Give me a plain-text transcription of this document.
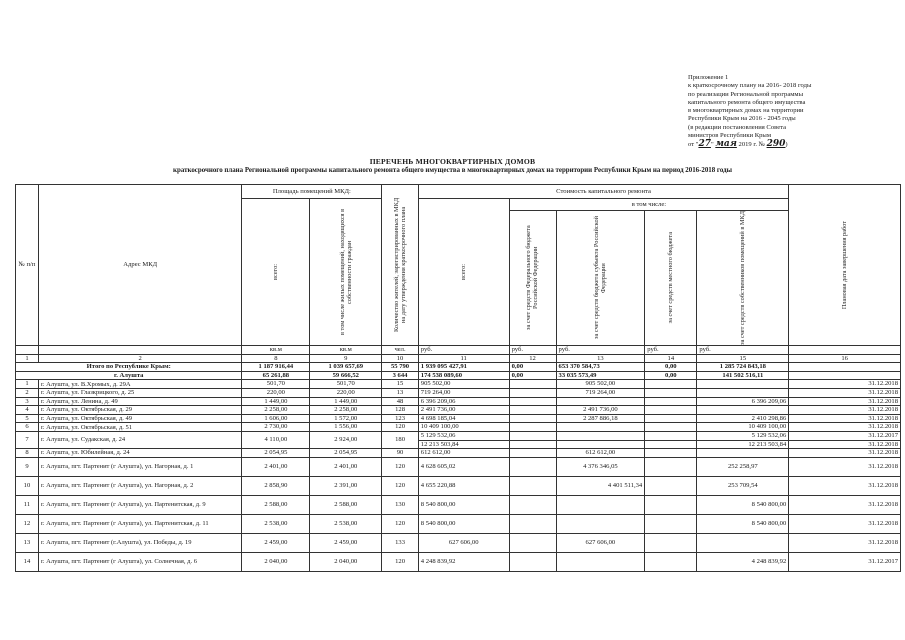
Приложение 1
к краткосрочному плану на 2016- 2018 годы
по реализации Региональной программы
капитального ремонта общего имущества
в многоквартирных домах на территории
Республики Крым на 2016 - 2045 годы
(в редакции постановления Совета
министров Республики Крым
от "27" мая 2019 г. № 290)
ПЕРЕЧЕНЬ МНОГОКВАРТИРНЫХ ДОМОВ
краткосрочного плана Региональной программы капитального ремонта общего имущества в многоквартирных домах на территории Республики Крым на период 2016-2018 годы
№ п/п	Адрес МКД	Площадь помещений МКД:		Количество жителей, зарегистрированных в МКД на дату утверждения краткосрочного плана	Стоимость капитального ремонта					Плановая дата завершения работ

		всего:	в том числе жилых помещений, находящихся в собственности граждан		всего:	в том числе:				

						за счет средств Федерального бюджета Российской Федерации	за счет средств бюджета субъекта Российской Федерации	за счет средств местного бюджета	за счет средств собственников помещений в МКД	

		кв.м	кв.м	чел.	руб.	руб.	руб.	руб.	руб.	
1	2	8	9	10	11	12	13	14	15	16
Итого по Республике Крым:		1 187 916,44	1 039 657,69	55 790	1 939 095 427,91	0,00	653 370 584,73	0,00	1 285 724 843,18	
г. Алушта		65 261,88	59 666,52	3 644	174 538 089,60	0,00	33 035 573,49	0,00	141 502 516,11	
1	г. Алушта, ул. В.Хромых, д. 29А	501,70	501,70	15	905 502,00		905 502,00			31.12.2018
2	г. Алушта, ул. Глазкрицкого, д. 25	220,00	220,00	13	719 264,00		719 264,00			31.12.2018
3	г. Алушта, ул. Ленина, д. 49	1 449,00	1 449,00	48	6 396 209,06				6 396 209,06	31.12.2018
4	г. Алушта, ул. Октябрьская, д. 29	2 258,00	2 258,00	128	2 491 736,00		2 491 736,00			31.12.2018
5	г. Алушта, ул. Октябрьская, д. 49	1 606,00	1 572,00	123	4 698 185,04		2 287 886,18		2 410 298,86	31.12.2018
6	г. Алушта, ул. Октябрьская, д. 51	2 730,00	1 556,00	120	10 409 100,00				10 409 100,00	31.12.2018
7	г. Алушта, ул. Судакская, д. 24	4 110,00	2 924,00	180	5 129 532,06				5 129 532,06	31.12.2017
					12 213 503,84				12 213 503,84	31.12.2018
8	г. Алушта, ул. Юбилейная, д. 24	2 054,95	2 054,95	90	612 612,00		612 612,00			31.12.2018
9	г. Алушта, пгт. Партенит (г Алушта), ул. Нагорная, д. 1	2 401,00	2 401,00	120	4 628 605,02		4 376 346,05		252 258,97	31.12.2018
10	г. Алушта, пгт. Партенит (г Алушта), ул. Нагорная, д. 2	2 858,90	2 391,00	120	4 655 220,88		4 401 511,34		253 709,54	31.12.2018
11	г. Алушта, пгт. Партенит (г Алушта), ул. Партенитская, д. 9	2 588,00	2 588,00	130	8 540 800,00				8 540 800,00	31.12.2018
12	г. Алушта, пгт. Партенит (г Алушта), ул. Партенитская, д. 11	2 538,00	2 538,00	120	8 540 800,00				8 540 800,00	31.12.2018
13	г. Алушта, пгт. Партенит (г.Алушта), ул. Победы, д. 19	2 459,00	2 459,00	133	627 606,00		627 606,00			31.12.2018
14	г. Алушта, пгт. Партенит (г Алушта), ул. Солнечная, д. 6	2 040,00	2 040,00	120	4 248 839,92				4 248 839,92	31.12.2017
